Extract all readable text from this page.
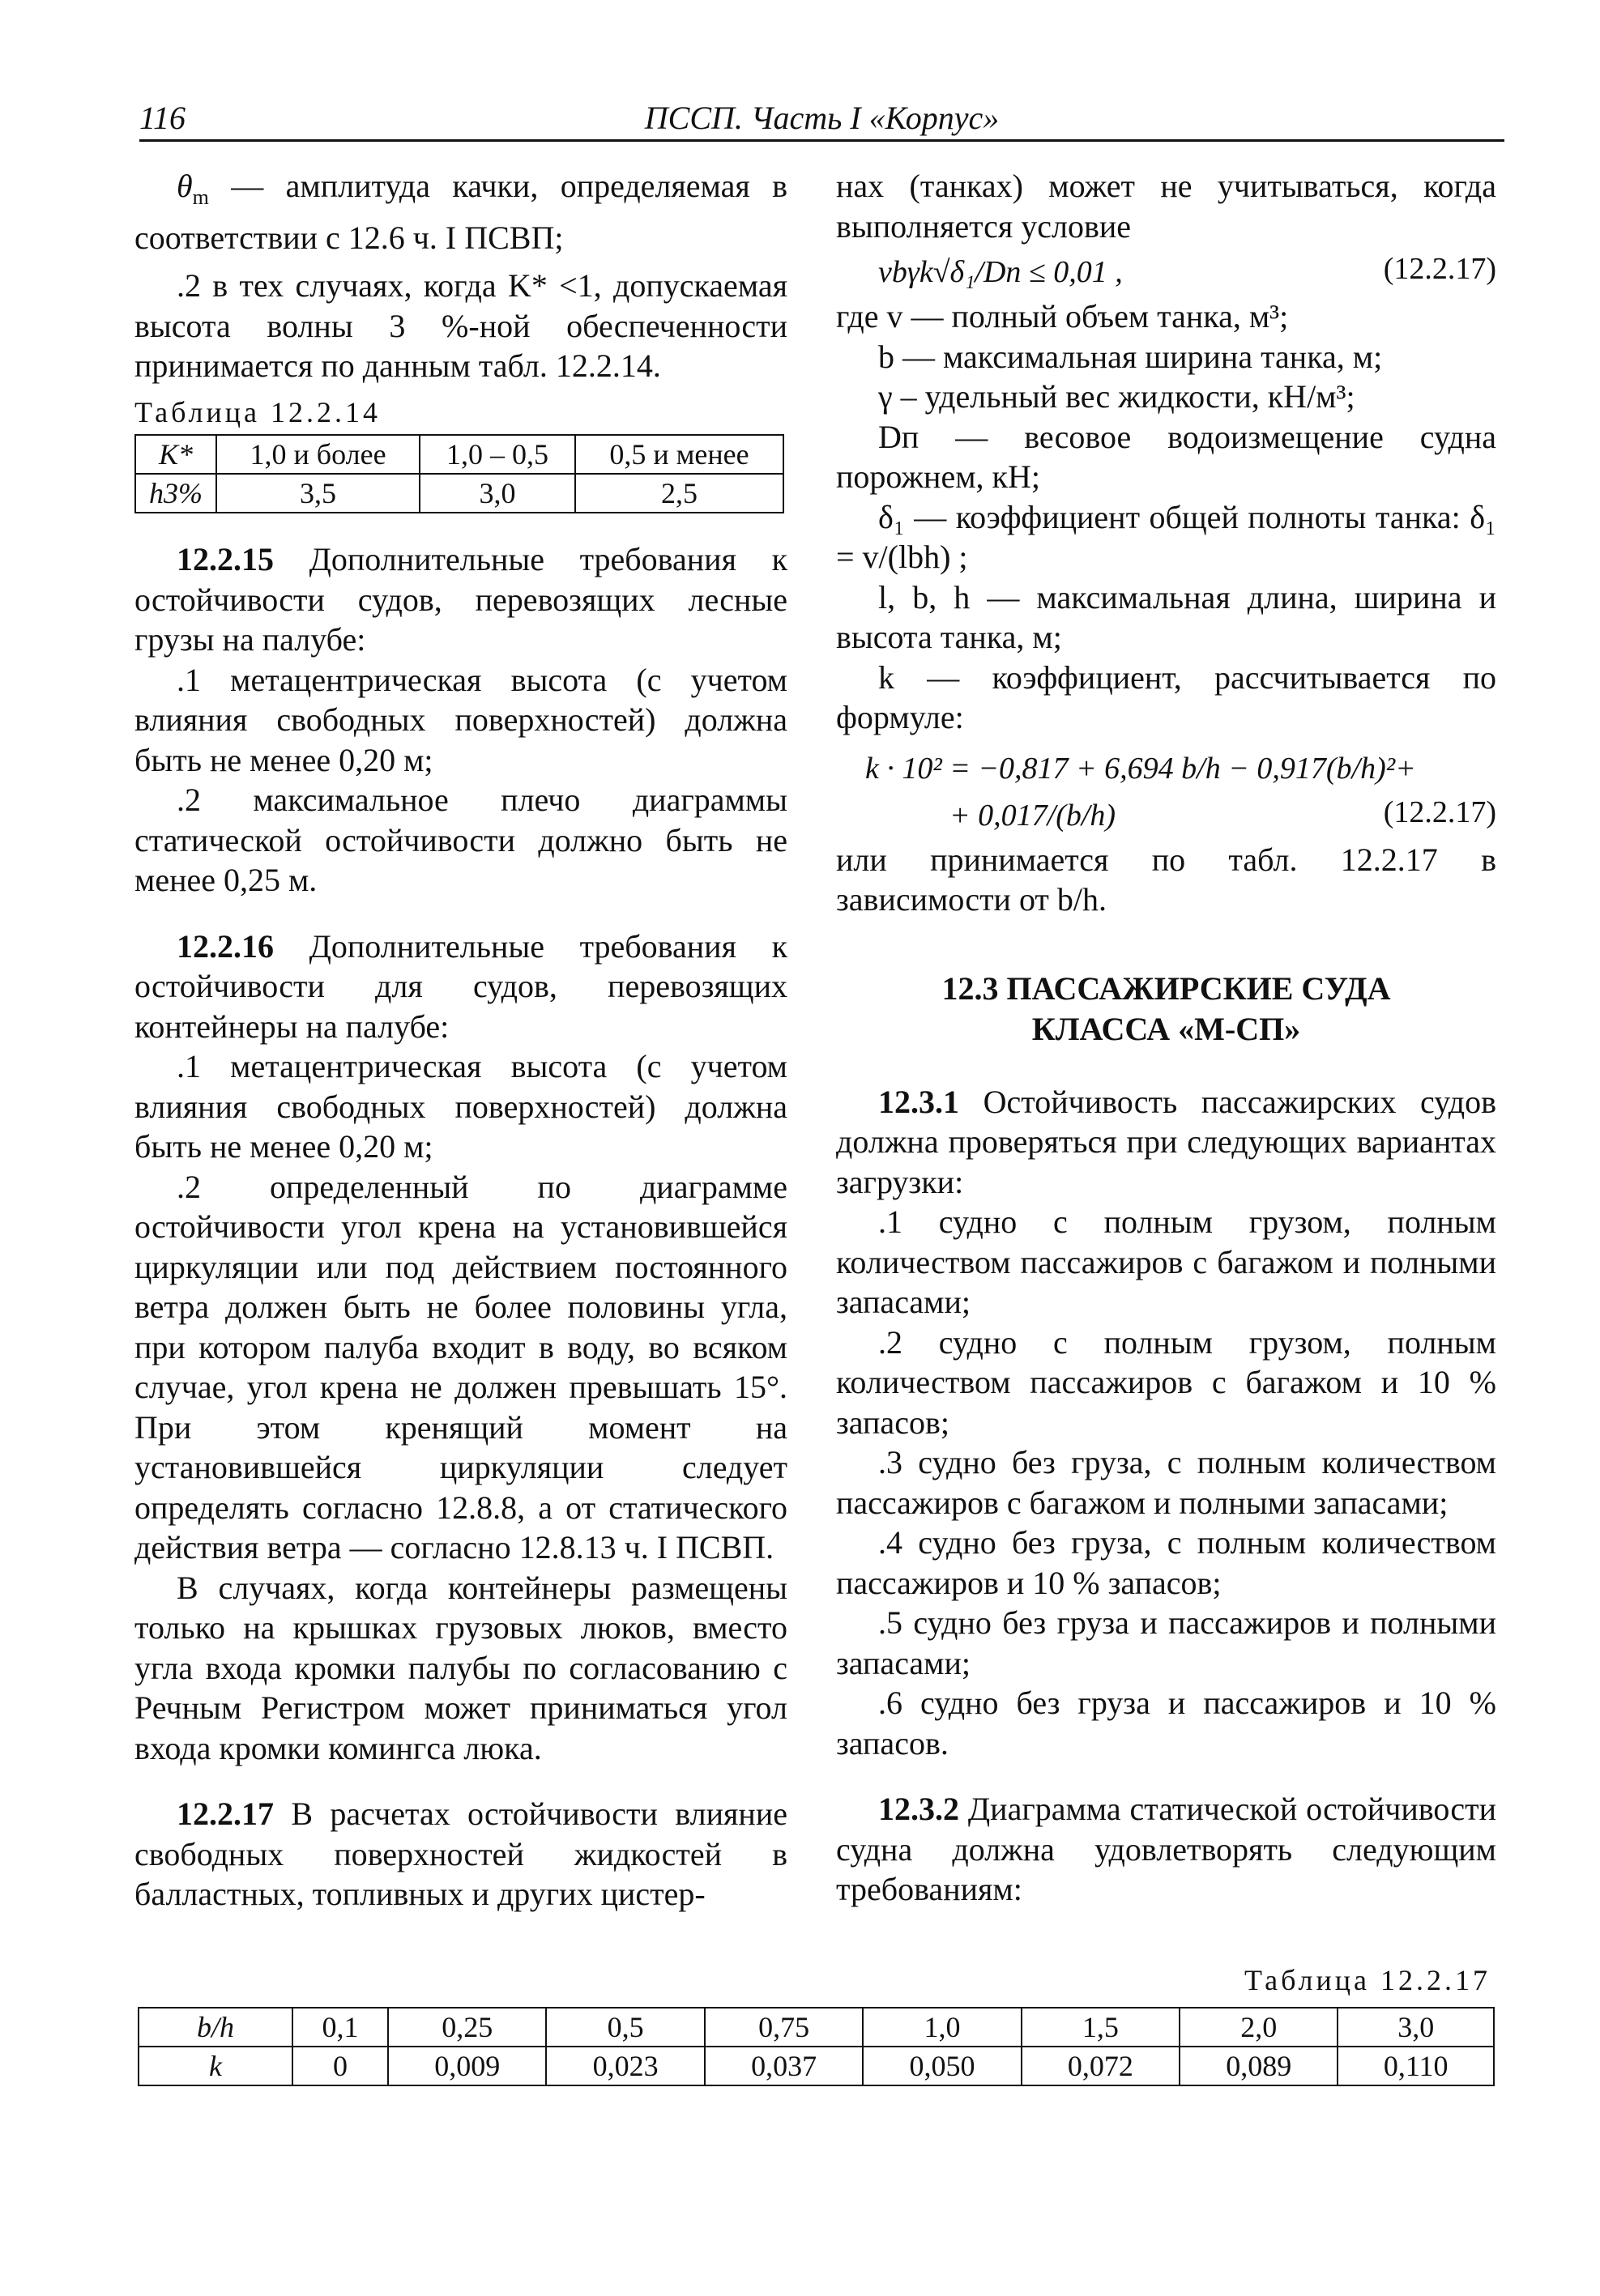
116	ПССП. Часть I «Корпус»

$\theta_m$ — амплитуда качки, определяемая в соответствии с 12.6 ч. I ПСВП;

.2 в тех случаях, когда K* <1, допускаемая высота волны 3 %-ной обеспеченности принимается по данным табл. 12.2.14.

Таблица 12.2.14

K*	1,0 и более	1,0 – 0,5	0,5 и менее
h3%	3,5	3,0	2,5

12.2.15 Дополнительные требования к остойчивости судов, перевозящих лесные грузы на палубе:

.1 метацентрическая высота (с учетом влияния свободных поверхностей) должна быть не менее 0,20 м;

.2 максимальное плечо диаграммы статической остойчивости должно быть не менее 0,25 м.

12.2.16 Дополнительные требования к остойчивости для судов, перевозящих контейнеры на палубе:

.1 метацентрическая высота (с учетом влияния свободных поверхностей) должна быть не менее 0,20 м;

.2 определенный по диаграмме остойчивости угол крена на установившейся циркуляции или под действием постоянного ветра должен быть не более половины угла, при котором палуба входит в воду, во всяком случае, угол крена не должен превышать 15°. При этом кренящий момент на установившейся циркуляции следует определять согласно 12.8.8, а от статического действия ветра — согласно 12.8.13 ч. I ПСВП.

В случаях, когда контейнеры размещены только на крышках грузовых люков, вместо угла входа кромки палубы по согласованию с Речным Регистром может приниматься угол входа кромки комингса люка.

12.2.17 В расчетах остойчивости влияние свободных поверхностей жидкостей в балластных, топливных и других цистер-

нах (танках) может не учитываться, когда выполняется условие

vbγk√δ₁/Dп ≤ 0,01 ,	(12.2.17)

где v — полный объем танка, м³;

b — максимальная ширина танка, м;

γ – удельный вес жидкости, кН/м³;

Dп — весовое водоизмещение судна порожнем, кН;

δ₁ — коэффициент общей полноты танка: δ₁ = v/(lbh) ;

l, b, h — максимальная длина, ширина и высота танка, м;

k — коэффициент, рассчитывается по формуле:

k · 10² = −0,817 + 6,694 b/h − 0,917(b/h)²+
+ 0,017/(b/h)	(12.2.17)

или принимается по табл. 12.2.17 в зависимости от b/h.

12.3 ПАССАЖИРСКИЕ СУДА
КЛАССА «М-СП»

12.3.1 Остойчивость пассажирских судов должна проверяться при следующих вариантах загрузки:

.1 судно с полным грузом, полным количеством пассажиров с багажом и полными запасами;

.2 судно с полным грузом, полным количеством пассажиров с багажом и 10 % запасов;

.3 судно без груза, с полным количеством пассажиров с багажом и полными запасами;

.4 судно без груза, с полным количеством пассажиров и 10 % запасов;

.5 судно без груза и пассажиров и полными запасами;

.6 судно без груза и пассажиров и 10 % запасов.

12.3.2 Диаграмма статической остойчивости судна должна удовлетворять следующим требованиям:

Таблица 12.2.17
b/h	0,1	0,25	0,5	0,75	1,0	1,5	2,0	3,0
k	0	0,009	0,023	0,037	0,050	0,072	0,089	0,110
